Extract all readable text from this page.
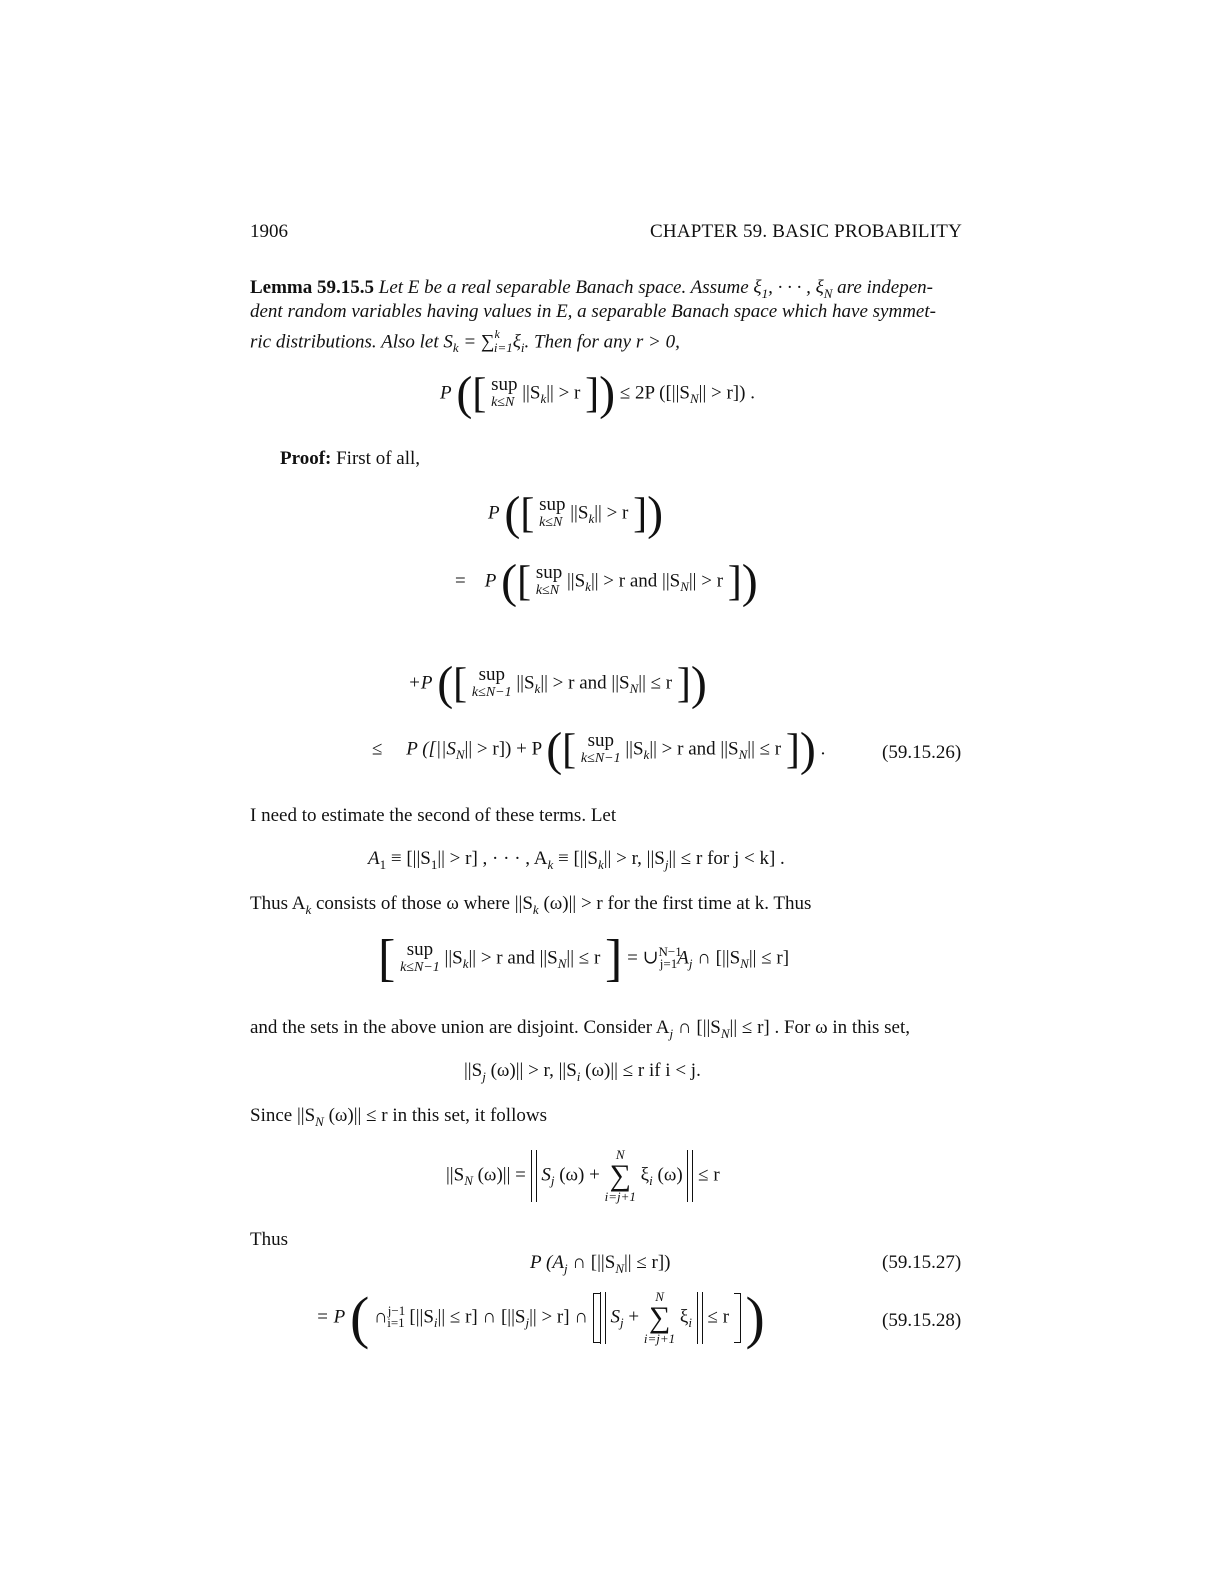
1906	CHAPTER 59. BASIC PROBABILITY
Lemma 59.15.5 Let E be a real separable Banach space. Assume $\xi_1$, · · · , $\xi_N$ are indepen-
dent random variables having values in E, a separable Banach space which have symmet-
ric distributions. Also let $S_k = \sum^k_{i=1}\xi_i$. Then for any r > 0,
P ([ sup
k≤N $||S_k|| > r$ ]) ≤ 2P $([||S_N|| > r])$ .
Proof: First of all,
P ([ sup
k≤N $||S_k|| > r$ ])
= P ([ sup
k≤N $||S_k|| > r$ and $||S_N|| > r$ ])
+P ([ sup
k≤N−1 $||S_k|| > r$ and $||S_N|| \le r$ ])
≤ P $([||S_N|| > r]) + P$ ([ sup
k≤N−1 $||S_k|| > r$ and $||S_N|| \le r$ ]) .	(59.15.26)
I need to estimate the second of these terms. Let
$A_1 \equiv [||S_1|| > r]$ , · · · , $A_k \equiv [||S_k|| > r$, $||S_j|| \le r$ for j < k] .
Thus $A_k$ consists of those ω where $||S_k$ (ω)|| > r for the first time at k. Thus
[ sup
k≤N−1 $||S_k|| > r$ and $||S_N|| \le r$ ] = $\cup^{N-1}_{j=1}A_j$ ∩ $[||S_N|| \le r]$
and the sets in the above union are disjoint. Consider $A_j$ ∩ $[||S_N|| \le r]$ . For ω in this set,
$||S_j$ (ω)|| > r, $||S_i$ (ω)|| ≤ r if i < j.
Since $||S_N$ (ω)|| ≤ r in this set, it follows
$||S_N$ $(\omega)|| = S_j$ (ω) +
N
∑
i=j+1
$\xi_i$ (ω) ≤ r
Thus
P ($A_j$ ∩ $[||S_N|| \le r]$)	(59.15.27)
= P ( ∩$^{j-1}_{i=1}$ $[||S_i|| \le r]$ ∩ $[||S_j|| > r]$ ∩ $S_j$ +
N
∑
i=j+1
$\xi_i \le r$ )	(59.15.28)
